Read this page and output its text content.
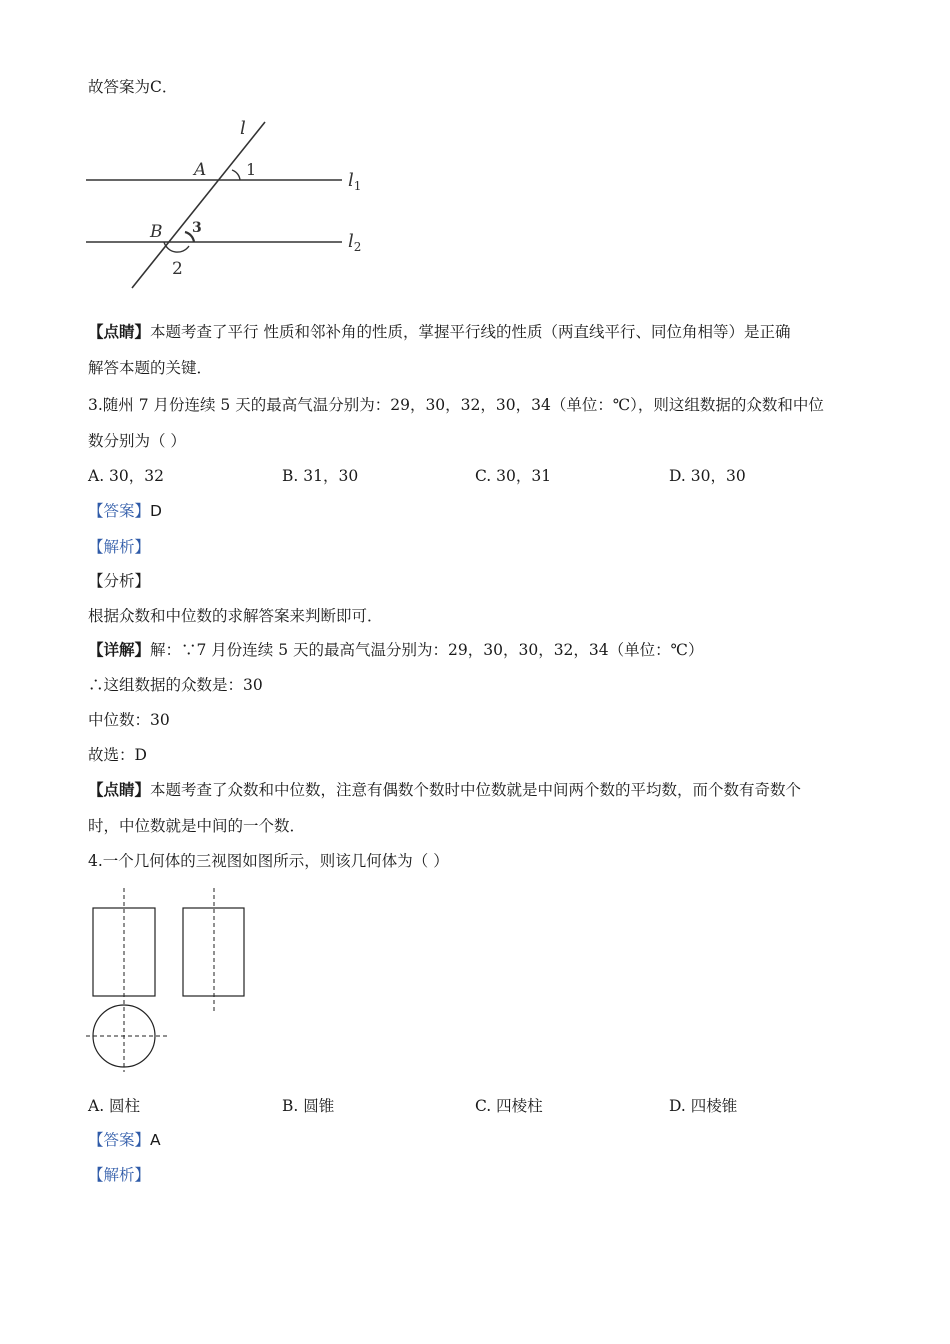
故答案为C．
l
A 1
$l_1$
B 3
2
$l_2$
【点睛】本题考查了平行 性质和邻补角的性质，掌握平行线的性质（两直线平行、同位角相等）是正确
解答本题的关键．
3.随州 7 月份连续 5 天的最高气温分别为：29，30，32，30，34（单位：℃），则这组数据的众数和中位
数分别为（ ）
A. 30，32	B. 31，30	C. 30，31	D. 30，30
【答案】D
【解析】
【分析】
根据众数和中位数的求解答案来判断即可．
【详解】解：∵7 月份连续 5 天的最高气温分别为：29，30，30，32，34（单位：℃）
∴这组数据的众数是：30
中位数：30
故选：D
【点睛】本题考查了众数和中位数，注意有偶数个数时中位数就是中间两个数的平均数，而个数有奇数个
时，中位数就是中间的一个数．
4.一个几何体的三视图如图所示，则该几何体为（ ）
A. 圆柱	B. 圆锥	C. 四棱柱	D. 四棱锥
【答案】A
【解析】
